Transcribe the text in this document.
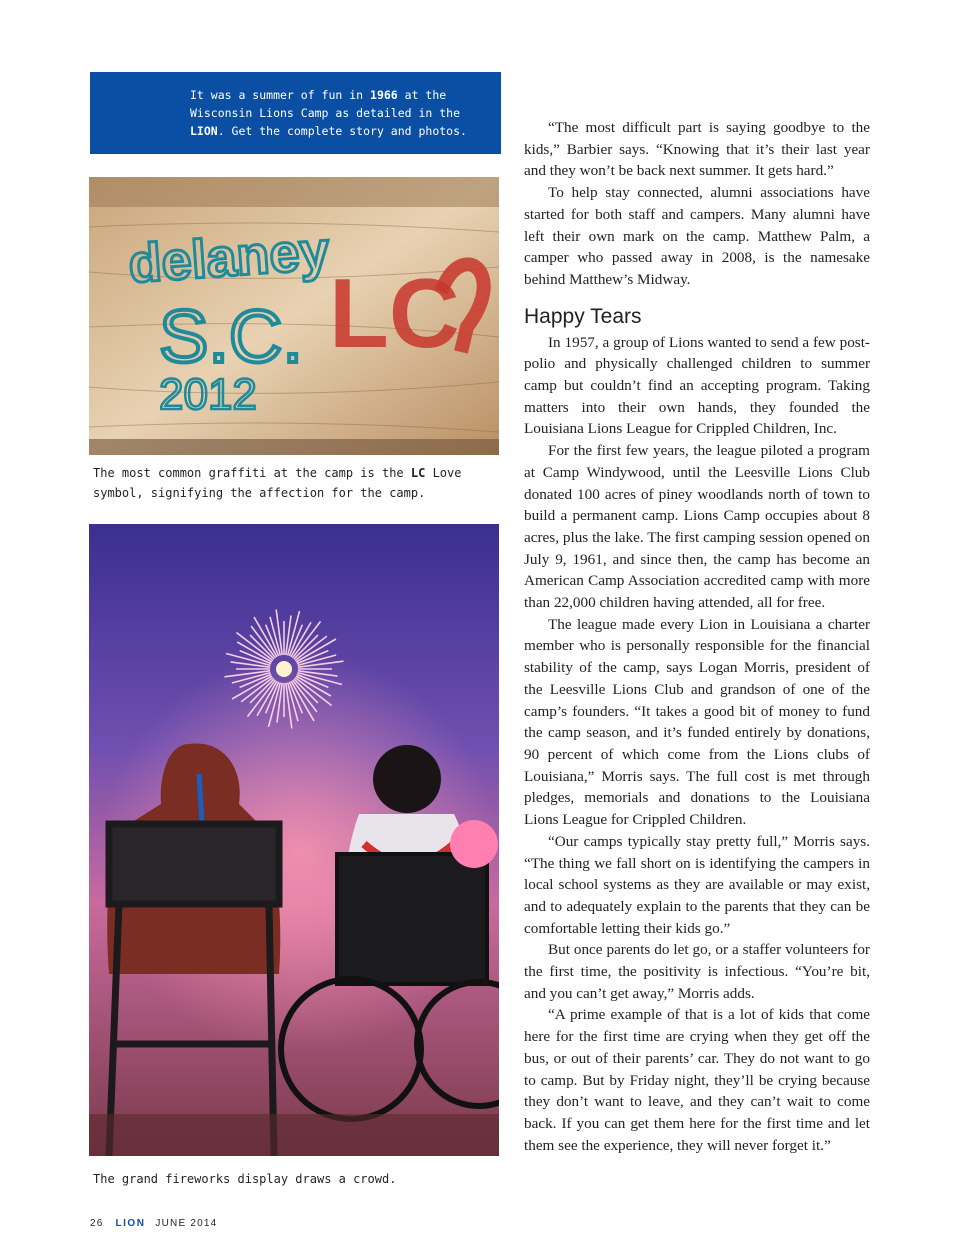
It was a summer of fun in 1966 at the Wisconsin Lions Camp as detailed in the LION. Get the complete story and photos.
delaney
S.C.
2012
LC
The most common graffiti at the camp is the LC Love symbol, signifying the affection for the camp.
The grand fireworks display draws a crowd.

“The most difficult part is saying goodbye to the kids,” Barbier says. “Knowing that it’s their last year and they won’t be back next summer. It gets hard.”

To help stay connected, alumni associations have started for both staff and campers. Many alumni have left their own mark on the camp. Matthew Palm, a camper who passed away in 2008, is the namesake behind Matthew’s Midway.

Happy Tears

In 1957, a group of Lions wanted to send a few post-polio and physically challenged children to summer camp but couldn’t find an accepting program. Taking matters into their own hands, they founded the Louisiana Lions League for Crippled Children, Inc.

For the first few years, the league piloted a program at Camp Windywood, until the Leesville Lions Club donated 100 acres of piney woodlands north of town to build a permanent camp. Lions Camp occupies about 8 acres, plus the lake. The first camping session opened on July 9, 1961, and since then, the camp has become an American Camp Association accredited camp with more than 22,000 children having attended, all for free.

The league made every Lion in Louisiana a charter member who is personally responsible for the financial stability of the camp, says Logan Morris, president of the Leesville Lions Club and grandson of one of the camp’s founders. “It takes a good bit of money to fund the camp season, and it’s funded entirely by donations, 90 percent of which come from the Lions clubs of Louisiana,” Morris says. The full cost is met through pledges, memorials and donations to the Louisiana Lions League for Crippled Children.

“Our camps typically stay pretty full,” Morris says. “The thing we fall short on is identifying the campers in local school systems as they are available or may exist, and to adequately explain to the parents that they can be comfortable letting their kids go.”

But once parents do let go, or a staffer volunteers for the first time, the positivity is infectious. “You’re bit, and you can’t get away,” Morris adds.

“A prime example of that is a lot of kids that come here for the first time are crying when they get off the bus, or out of their parents’ car. They do not want to go to camp. But by Friday night, they’ll be crying because they don’t want to leave, and they can’t wait to come back. If you can get them here for the first time and let them see the experience, they will never forget it.”

26 LION JUNE 2014
